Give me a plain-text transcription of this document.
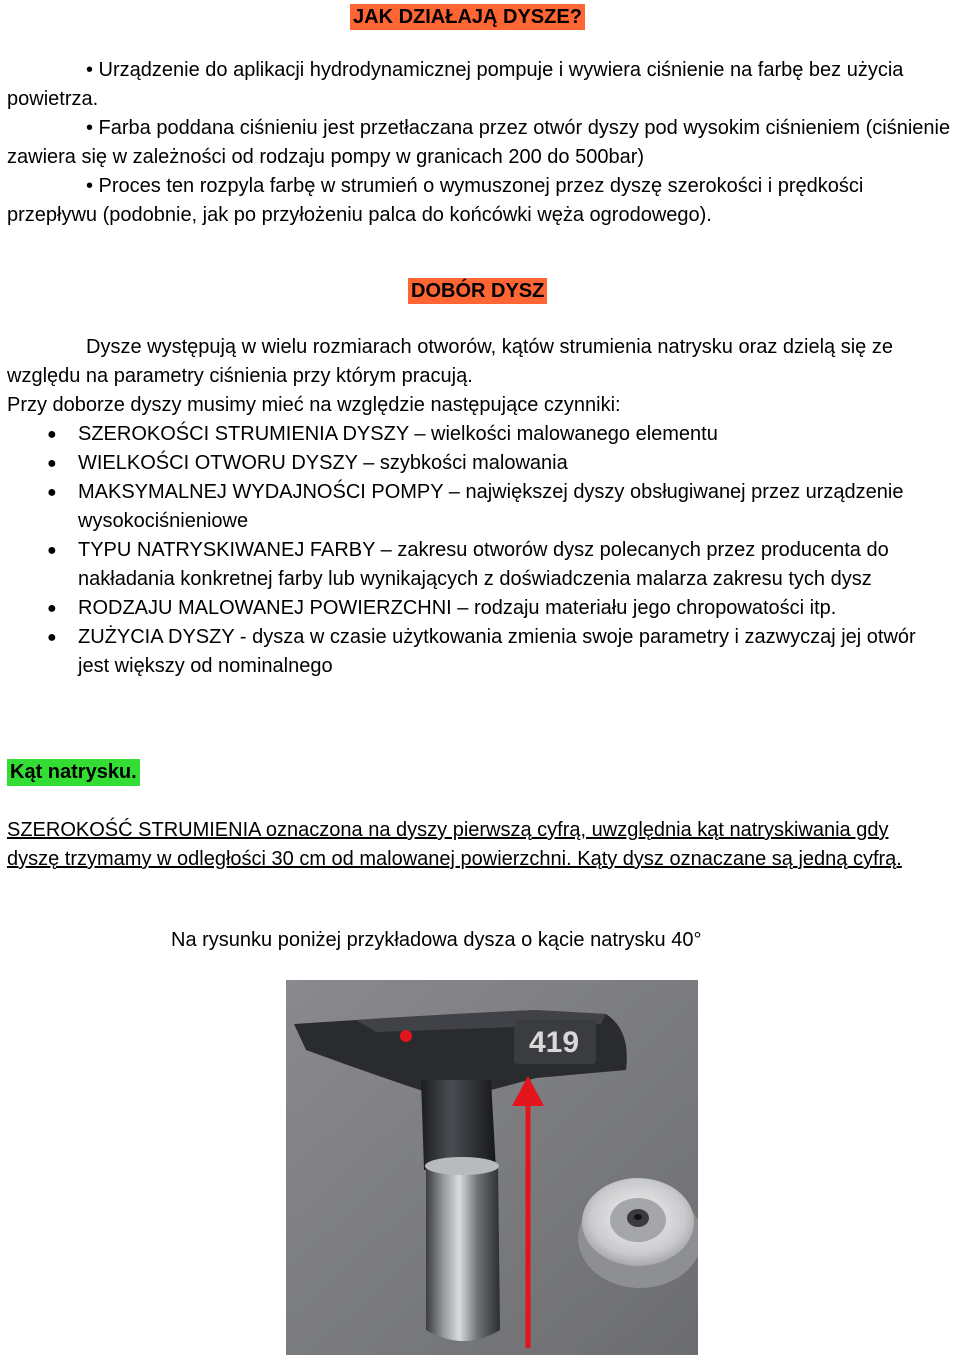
JAK DZIAŁAJĄ DYSZE?

• Urządzenie do aplikacji hydrodynamicznej pompuje i wywiera ciśnienie na farbę bez użycia powietrza.

• Farba poddana ciśnieniu jest przetłaczana przez otwór dyszy pod wysokim ciśnieniem (ciśnienie zawiera się w zależności od rodzaju pompy w granicach 200 do 500bar)

• Proces ten rozpyla farbę w strumień o wymuszonej przez dyszę szerokości i prędkości przepływu (podobnie, jak po przyłożeniu palca do końcówki węża ogrodowego).

DOBÓR DYSZ

Dysze występują w wielu rozmiarach otworów, kątów strumienia natrysku oraz dzielą się ze względu na parametry ciśnienia przy którym pracują.

Przy doborze dyszy musimy mieć na względzie następujące czynniki:

● SZEROKOŚCI STRUMIENIA DYSZY – wielkości malowanego elementu
● WIELKOŚCI OTWORU DYSZY – szybkości malowania
● MAKSYMALNEJ WYDAJNOŚCI POMPY – największej dyszy obsługiwanej przez urządzenie wysokociśnieniowe
● TYPU NATRYSKIWANEJ FARBY – zakresu otworów dysz polecanych przez producenta do nakładania konkretnej farby lub wynikających z doświadczenia malarza zakresu tych dysz
● RODZAJU MALOWANEJ POWIERZCHNI – rodzaju materiału jego chropowatości itp.
● ZUŻYCIA DYSZY - dysza w czasie użytkowania zmienia swoje parametry i zazwyczaj jej otwór jest większy od nominalnego
Kąt natrysku.
SZEROKOŚĆ STRUMIENIA oznaczona na dyszy pierwszą cyfrą, uwzględnia kąt natryskiwania gdy dyszę trzymamy w odległości 30 cm od malowanej powierzchni. Kąty dysz oznaczane są jedną cyfrą.
Na rysunku poniżej przykładowa dysza o kącie natrysku 40°
419
